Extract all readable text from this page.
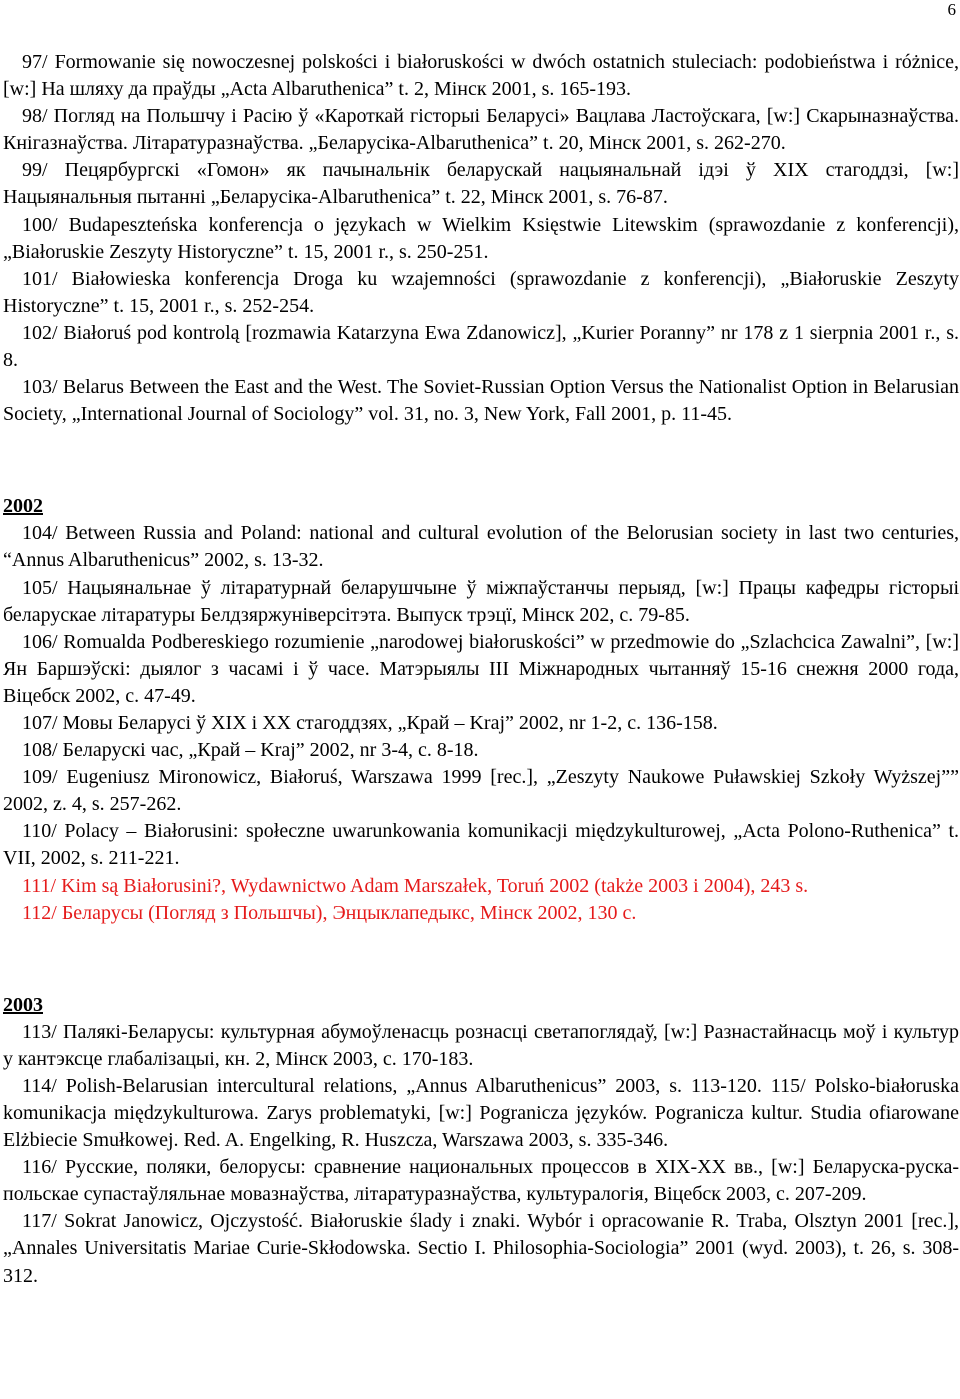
6

97/ Formowanie się nowoczesnej polskości i białoruskości w dwóch ostatnich stuleciach: podobieństwa i różnice, [w:] На шляху да праўды „Acta Albaruthenica” t. 2, Мінск 2001, s. 165-193.

98/ Погляд на Польшчу і Расію ў «Кароткай гісторыі Беларусі» Вацлава Ластоўскага, [w:] Скарыназнаўства. Кнігазнаўства. Літаратуразнаўства. „Беларусіка-Albaruthenica” t. 20, Мінск 2001, s. 262-270.

99/ Пецярбургскі «Гомон» як пачынальнік беларускай нацыянальнай ідэі ў XIX стагоддзі, [w:] Нацыянальныя пытанні „Беларусіка-Albaruthenica” t. 22, Мінск 2001, s. 76-87.

100/ Budapeszteńska konferencja o językach w Wielkim Księstwie Litewskim (sprawozdanie z konferencji), „Białoruskie Zeszyty Historyczne” t. 15, 2001 r., s. 250-251.

101/ Białowieska konferencja Droga ku wzajemności (sprawozdanie z konferencji), „Białoruskie Zeszyty Historyczne” t. 15, 2001 r., s. 252-254.

102/ Białoruś pod kontrolą [rozmawia Katarzyna Ewa Zdanowicz], „Kurier Poranny” nr 178 z 1 sierpnia 2001 r., s. 8.

103/ Belarus Between the East and the West. The Soviet-Russian Option Versus the Nationalist Option in Belarusian Society, „International Journal of Sociology” vol. 31, no. 3, New York, Fall 2001, p. 11-45.

2002

104/ Between Russia and Poland: national and cultural evolution of the Belorusian society in last two centuries, “Annus Albaruthenicus” 2002, s. 13-32.

105/ Нацыянальнае ў літаратурнай беларушчыне ў міжпаўстанчы перыяд, [w:] Працы кафедры гісторыі беларускае літаратуры Белдзяржуніверсітэта. Выпуск трэцї, Мінск 202, с. 79-85.

106/ Romualda Podbereskiego rozumienie „narodowej białoruskości” w przedmowie do „Szlachcica Zawalni”, [w:] Ян Баршэўскі: дыялог з часамі і ў часе. Матэрыялы ІІІ Міжнародных чытанняў 15-16 снежня 2000 года, Віцебск 2002, с. 47-49.

107/ Мовы Беларусі ў XIX і XX стагоддзях, „Край – Kraj” 2002, nr 1-2, с. 136-158.

108/ Беларускі час, „Край – Kraj” 2002, nr 3-4, с. 8-18.

109/ Eugeniusz Mironowicz, Białoruś, Warszawa 1999 [rec.], „Zeszyty Naukowe Puławskiej Szkoły Wyższej”” 2002, z. 4, s. 257-262.

110/ Polacy – Białorusini: społeczne uwarunkowania komunikacji międzykulturowej, „Acta Polono-Ruthenica” t. VII, 2002, s. 211-221.

111/ Kim są Białorusini?, Wydawnictwo Adam Marszałek, Toruń 2002 (także 2003 i 2004), 243 s.

112/ Беларусы (Погляд з Польшчы), Энцыклапедыкс, Мінск 2002, 130 с.

2003

113/ Палякі-Беларусы: культурная абумоўленасць рознасці светапоглядаў, [w:] Разнастайнасць моў і культур у кантэксце глабалізацыі, кн. 2, Мінск 2003, с. 170-183.

114/ Polish-Belarusian intercultural relations, „Annus Albaruthenicus” 2003, s. 113-120. 115/ Polsko-białoruska komunikacja międzykulturowa. Zarys problematyki, [w:] Pogranicza języków. Pogranicza kultur. Studia ofiarowane Elżbiecie Smułkowej. Red. A. Engelking, R. Huszcza, Warszawa 2003, s. 335-346.

116/ Русские, поляки, белорусы: сравнение национальных процессов в XIX-XX вв., [w:] Беларуска-руска-польскае супастаўляльнае мовазнаўства, літаратуразнаўства, культуралогія, Віцебск 2003, с. 207-209.

117/ Sokrat Janowicz, Ojczystość. Białoruskie ślady i znaki. Wybór i opracowanie R. Traba, Olsztyn 2001 [rec.], „Annales Universitatis Mariae Curie-Skłodowska. Sectio I. Philosophia-Sociologia” 2001 (wyd. 2003), t. 26, s. 308-312.
